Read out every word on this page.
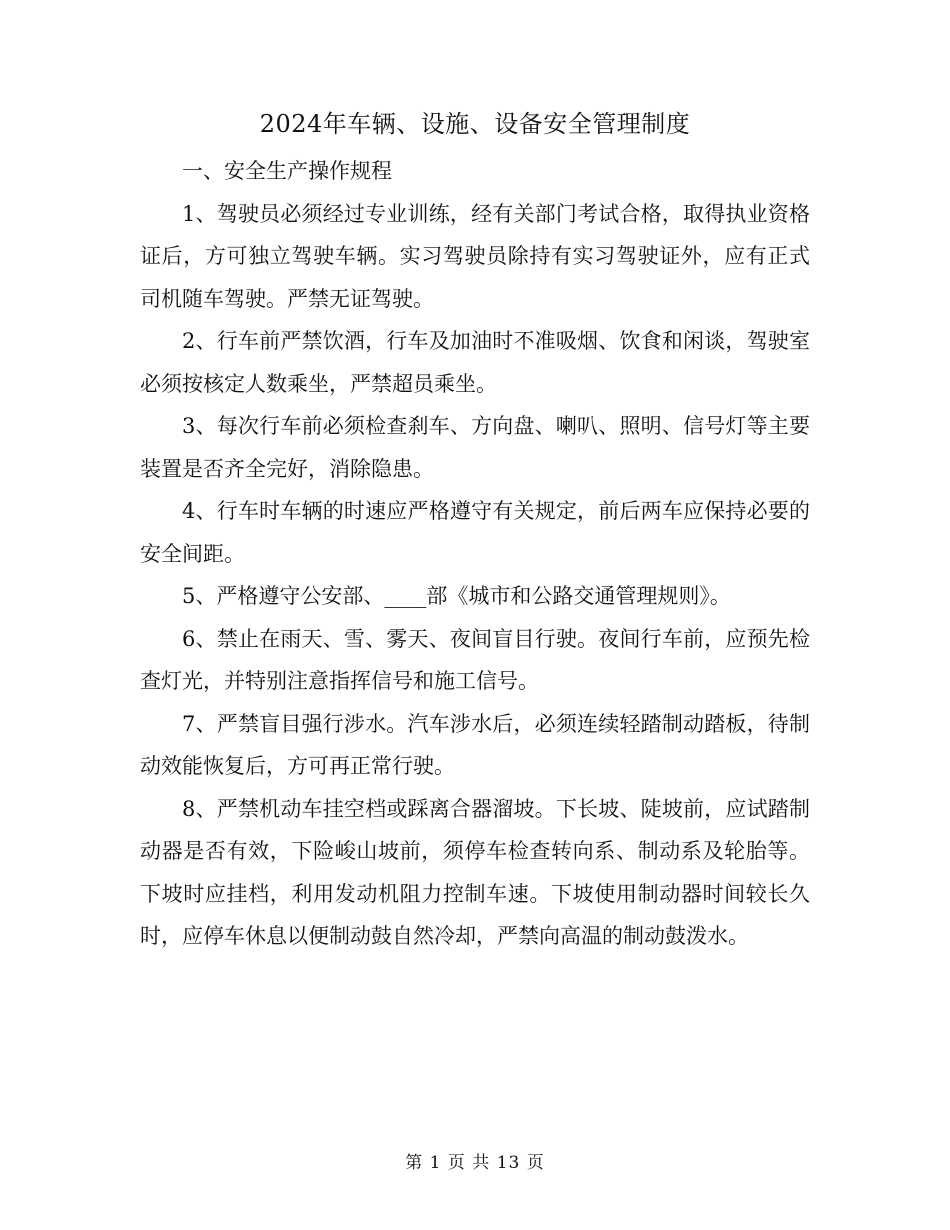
2024年车辆、设施、设备安全管理制度

一、安全生产操作规程

1、驾驶员必须经过专业训练，经有关部门考试合格，取得执业资格证后，方可独立驾驶车辆。实习驾驶员除持有实习驾驶证外，应有正式司机随车驾驶。严禁无证驾驶。

2、行车前严禁饮酒，行车及加油时不准吸烟、饮食和闲谈，驾驶室必须按核定人数乘坐，严禁超员乘坐。

3、每次行车前必须检查刹车、方向盘、喇叭、照明、信号灯等主要装置是否齐全完好，消除隐患。

4、行车时车辆的时速应严格遵守有关规定，前后两车应保持必要的安全间距。

5、严格遵守公安部、____部《城市和公路交通管理规则》。

6、禁止在雨天、雪、雾天、夜间盲目行驶。夜间行车前，应预先检查灯光，并特别注意指挥信号和施工信号。

7、严禁盲目强行涉水。汽车涉水后，必须连续轻踏制动踏板，待制动效能恢复后，方可再正常行驶。

8、严禁机动车挂空档或踩离合器溜坡。下长坡、陡坡前，应试踏制动器是否有效，下险峻山坡前，须停车检查转向系、制动系及轮胎等。下坡时应挂档，利用发动机阻力控制车速。下坡使用制动器时间较长久时，应停车休息以便制动鼓自然冷却，严禁向高温的制动鼓泼水。

第 1 页 共 13 页
